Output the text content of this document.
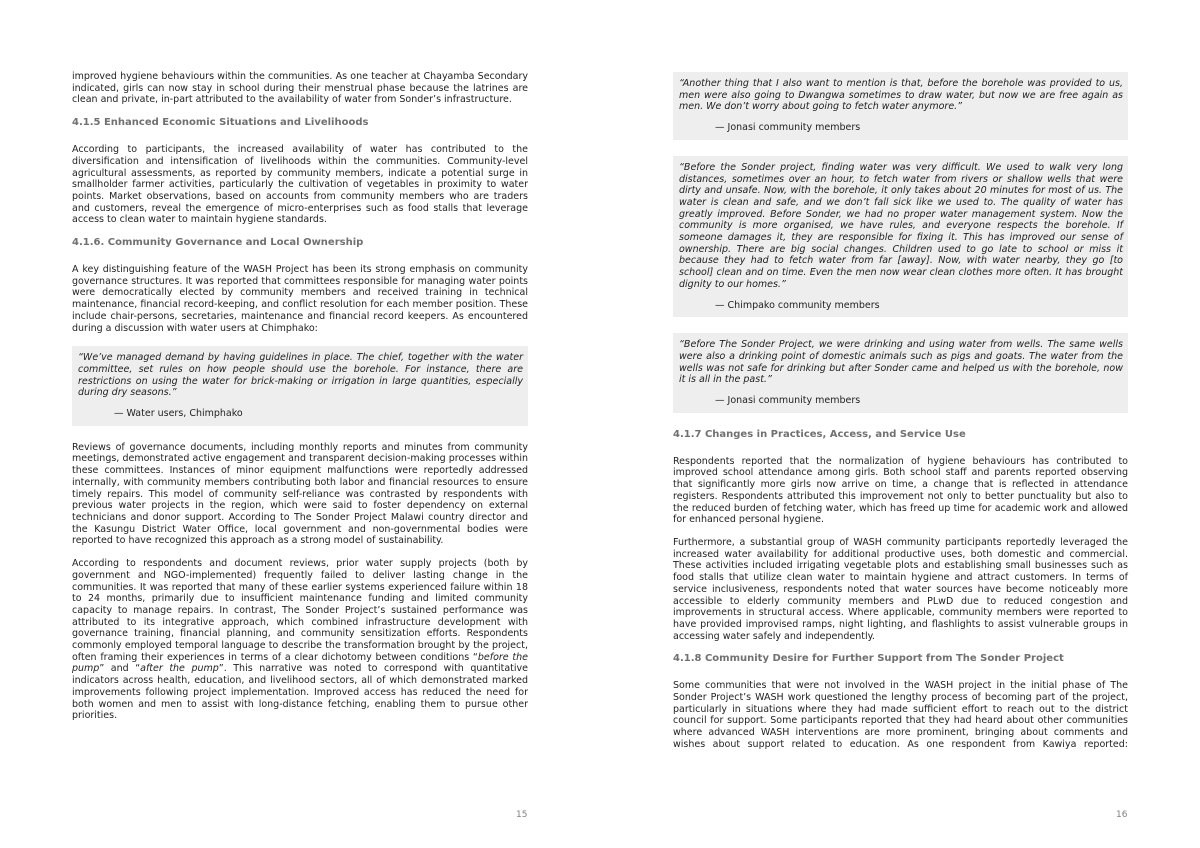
improved hygiene behaviours within the communities. As one teacher at Chayamba Secondary indicated, girls can now stay in school during their menstrual phase because the latrines are clean and private, in-part attributed to the availability of water from Sonder’s infrastructure.

4.1.5 Enhanced Economic Situations and Livelihoods

According to participants, the increased availability of water has contributed to the diversification and intensification of livelihoods within the communities. Community-level agricultural assessments, as reported by community members, indicate a potential surge in smallholder farmer activities, particularly the cultivation of vegetables in proximity to water points. Market observations, based on accounts from community members who are traders and customers, reveal the emergence of micro-enterprises such as food stalls that leverage access to clean water to maintain hygiene standards.

4.1.6. Community Governance and Local Ownership

A key distinguishing feature of the WASH Project has been its strong emphasis on community governance structures. It was reported that committees responsible for managing water points were democratically elected by community members and received training in technical maintenance, financial record-keeping, and conflict resolution for each member position. These include chair-persons, secretaries, maintenance and financial record keepers. As encountered during a discussion with water users at Chimphako:

“We’ve managed demand by having guidelines in place. The chief, together with the water committee, set rules on how people should use the borehole. For instance, there are restrictions on using the water for brick-making or irrigation in large quantities, especially during dry seasons.”

— Water users, Chimphako

Reviews of governance documents, including monthly reports and minutes from community meetings, demonstrated active engagement and transparent decision-making processes within these committees. Instances of minor equipment malfunctions were reportedly addressed internally, with community members contributing both labor and financial resources to ensure timely repairs. This model of community self-reliance was contrasted by respondents with previous water projects in the region, which were said to foster dependency on external technicians and donor support. According to The Sonder Project Malawi country director and the Kasungu District Water Office, local government and non-governmental bodies were reported to have recognized this approach as a strong model of sustainability.

According to respondents and document reviews, prior water supply projects (both by government and NGO-implemented) frequently failed to deliver lasting change in the communities. It was reported that many of these earlier systems experienced failure within 18 to 24 months, primarily due to insufficient maintenance funding and limited community capacity to manage repairs. In contrast, The Sonder Project’s sustained performance was attributed to its integrative approach, which combined infrastructure development with governance training, financial planning, and community sensitization efforts. Respondents commonly employed temporal language to describe the transformation brought by the project, often framing their experiences in terms of a clear dichotomy between conditions “before the pump” and “after the pump”. This narrative was noted to correspond with quantitative indicators across health, education, and livelihood sectors, all of which demonstrated marked improvements following project implementation. Improved access has reduced the need for both women and men to assist with long-distance fetching, enabling them to pursue other priorities.

15

“Another thing that I also want to mention is that, before the borehole was provided to us, men were also going to Dwangwa sometimes to draw water, but now we are free again as men. We don’t worry about going to fetch water anymore.”

— Jonasi community members

“Before the Sonder project, finding water was very difficult. We used to walk very long distances, sometimes over an hour, to fetch water from rivers or shallow wells that were dirty and unsafe. Now, with the borehole, it only takes about 20 minutes for most of us. The water is clean and safe, and we don’t fall sick like we used to. The quality of water has greatly improved. Before Sonder, we had no proper water management system. Now the community is more organised, we have rules, and everyone respects the borehole. If someone damages it, they are responsible for fixing it. This has improved our sense of ownership. There are big social changes. Children used to go late to school or miss it because they had to fetch water from far [away]. Now, with water nearby, they go [to school] clean and on time. Even the men now wear clean clothes more often. It has brought dignity to our homes.”

— Chimpako community members

“Before The Sonder Project, we were drinking and using water from wells. The same wells were also a drinking point of domestic animals such as pigs and goats. The water from the wells was not safe for drinking but after Sonder came and helped us with the borehole, now it is all in the past.”

— Jonasi community members

4.1.7 Changes in Practices, Access, and Service Use

Respondents reported that the normalization of hygiene behaviours has contributed to improved school attendance among girls. Both school staff and parents reported observing that significantly more girls now arrive on time, a change that is reflected in attendance registers. Respondents attributed this improvement not only to better punctuality but also to the reduced burden of fetching water, which has freed up time for academic work and allowed for enhanced personal hygiene.

Furthermore, a substantial group of WASH community participants reportedly leveraged the increased water availability for additional productive uses, both domestic and commercial. These activities included irrigating vegetable plots and establishing small businesses such as food stalls that utilize clean water to maintain hygiene and attract customers. In terms of service inclusiveness, respondents noted that water sources have become noticeably more accessible to elderly community members and PLwD due to reduced congestion and improvements in structural access. Where applicable, community members were reported to have provided improvised ramps, night lighting, and flashlights to assist vulnerable groups in accessing water safely and independently.

4.1.8 Community Desire for Further Support from The Sonder Project

Some communities that were not involved in the WASH project in the initial phase of The Sonder Project’s WASH work questioned the lengthy process of becoming part of the project, particularly in situations where they had made sufficient effort to reach out to the district council for support. Some participants reported that they had heard about other communities where advanced WASH interventions are more prominent, bringing about comments and wishes about support related to education. As one respondent from Kawiya reported:

16
